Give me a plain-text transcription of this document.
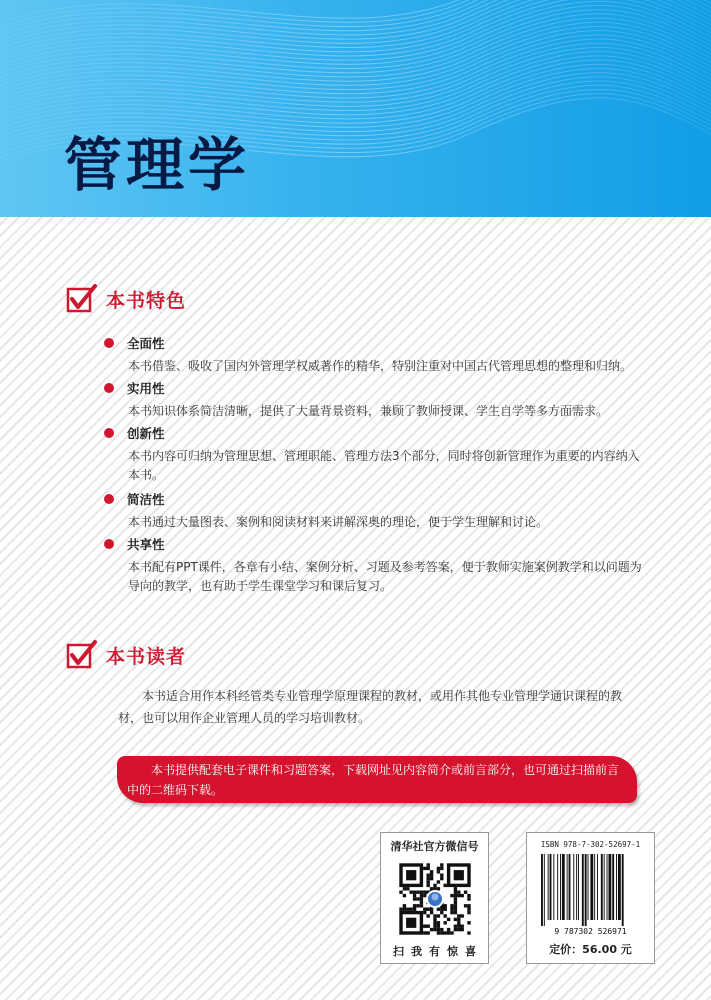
管理学
本书特色
全面性
本书借鉴、吸收了国内外管理学权威著作的精华，特别注重对中国古代管理思想的整理和归纳。
实用性
本书知识体系简洁清晰，提供了大量背景资料，兼顾了教师授课、学生自学等多方面需求。
创新性
本书内容可归纳为管理思想、管理职能、管理方法3个部分，同时将创新管理作为重要的内容纳入本书。
简洁性
本书通过大量图表、案例和阅读材料来讲解深奥的理论，便于学生理解和讨论。
共享性
本书配有PPT课件，各章有小结、案例分析、习题及参考答案，便于教师实施案例教学和以问题为导向的教学，也有助于学生课堂学习和课后复习。
本书读者
本书适合用作本科经管类专业管理学原理课程的教材，或用作其他专业管理学通识课程的教材，也可以用作企业管理人员的学习培训教材。
本书提供配套电子课件和习题答案，下载网址见内容简介或前言部分，也可通过扫描前言中的二维码下载。
清华社官方微信号
扫我有惊喜
ISBN 978-7-302-52697-1
9 787302 526971
定价：56.00 元
